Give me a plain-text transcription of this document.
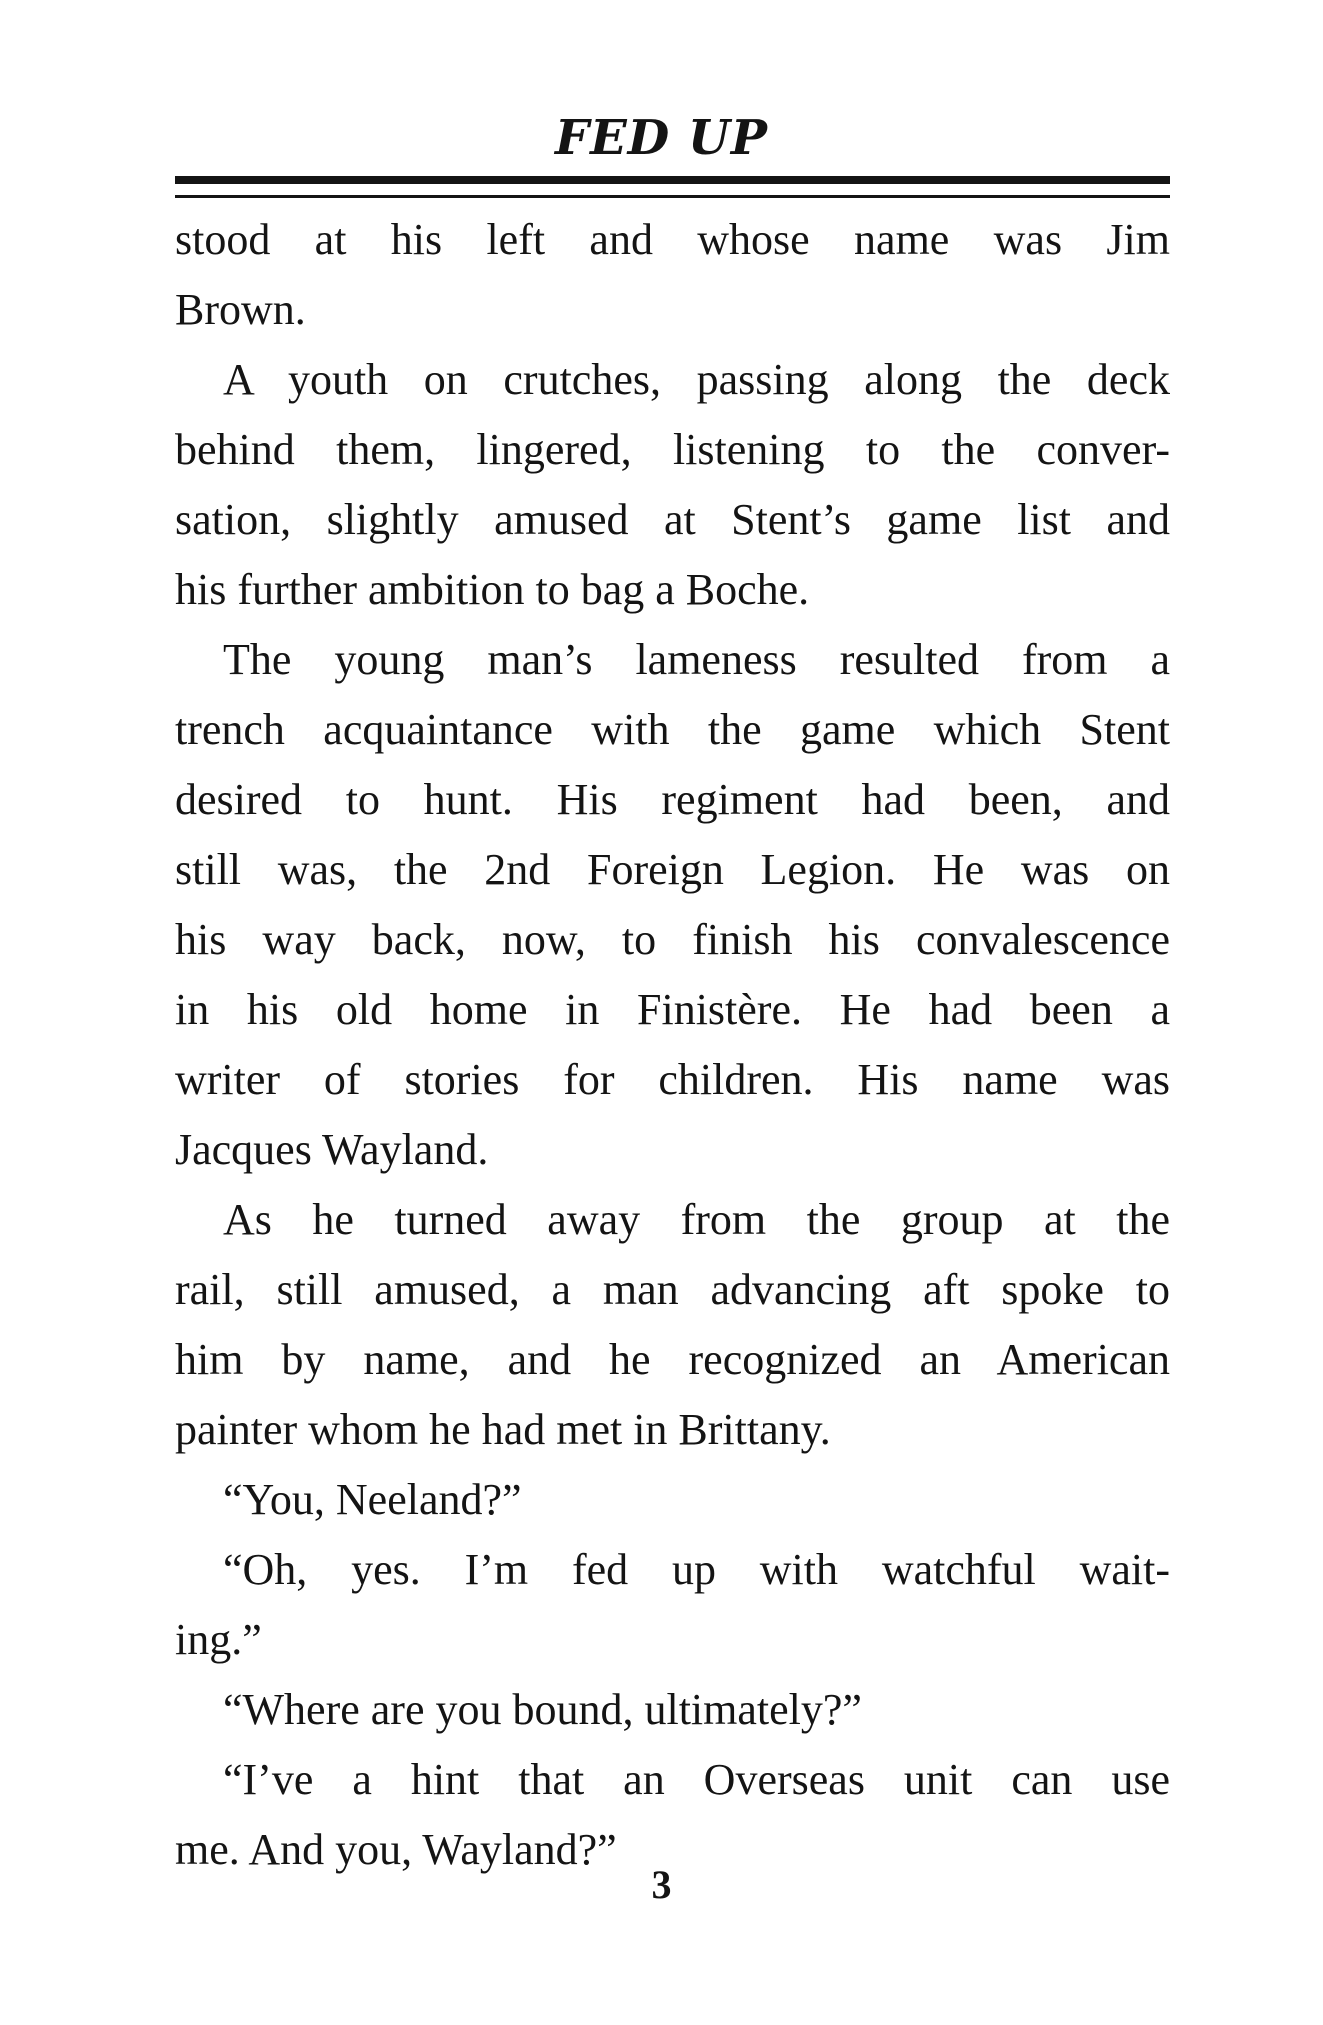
FED UP
stood at his left and whose name was Jim
Brown.
A youth on crutches, passing along the deck
behind them, lingered, listening to the conver-
sation, slightly amused at Stent’s game list and
his further ambition to bag a Boche.
The young man’s lameness resulted from a
trench acquaintance with the game which Stent
desired to hunt. His regiment had been, and
still was, the 2nd Foreign Legion. He was on
his way back, now, to finish his convalescence
in his old home in Finistère. He had been a
writer of stories for children. His name was
Jacques Wayland.
As he turned away from the group at the
rail, still amused, a man advancing aft spoke to
him by name, and he recognized an American
painter whom he had met in Brittany.
“You, Neeland?”
“Oh, yes. I’m fed up with watchful wait-
ing.”
“Where are you bound, ultimately?”
“I’ve a hint that an Overseas unit can use
me. And you, Wayland?”
3
